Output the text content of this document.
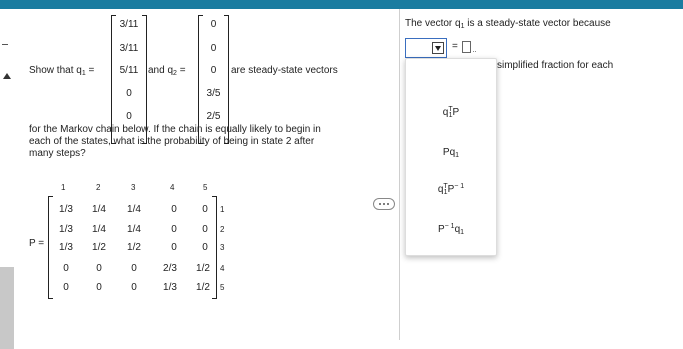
Show that $q_1$ =
3/11
3/11
5/11
0
0
and $q_2$ =
0
0
0
3/5
2/5
are steady-state vectors
for the Markov chain below. If the chain is equally likely to begin in
each of the states, what is the probability of being in state 2 after
many steps?
1	2	3	4	5
P =
1/3	1/4	1/4	0	0
1/3	1/4	1/4	0	0
1/3	1/2	1/2	0	0
0	0	0	2/3	1/2
0	0	0	1/3	1/2
1
2
3
4
5
The vector $q_1$ is a steady-state vector because
=
simplified fraction for each
$q^T_1P$
$Pq_1$
$q^T_1P^{- 1}$
$P^{- 1}q_1$
